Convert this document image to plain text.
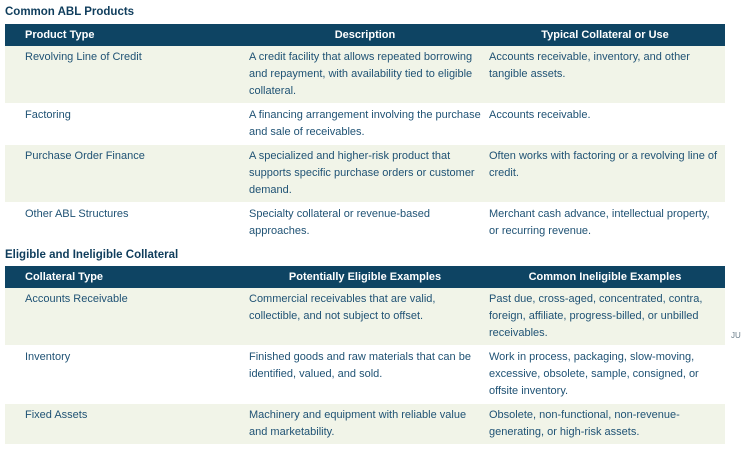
Common ABL Products
Product Type	Description	Typical Collateral or Use
Revolving Line of Credit	A credit facility that allows repeated borrowing and repayment, with availability tied to eligible collateral.	Accounts receivable, inventory, and other tangible assets.
Factoring	A financing arrangement involving the purchase and sale of receivables.	Accounts receivable.
Purchase Order Finance	A specialized and higher-risk product that supports specific purchase orders or customer demand.	Often works with factoring or a revolving line of credit.
Other ABL Structures	Specialty collateral or revenue-based approaches.	Merchant cash advance, intellectual property, or recurring revenue.
Eligible and Ineligible Collateral
Collateral Type	Potentially Eligible Examples	Common Ineligible Examples
Accounts Receivable	Commercial receivables that are valid, collectible, and not subject to offset.	Past due, cross-aged, concentrated, contra, foreign, affiliate, progress-billed, or unbilled receivables.
Inventory	Finished goods and raw materials that can be identified, valued, and sold.	Work in process, packaging, slow-moving, excessive, obsolete, sample, consigned, or offsite inventory.
Fixed Assets	Machinery and equipment with reliable value and marketability.	Obsolete, non-functional, non-revenue-generating, or high-risk assets.
JU
